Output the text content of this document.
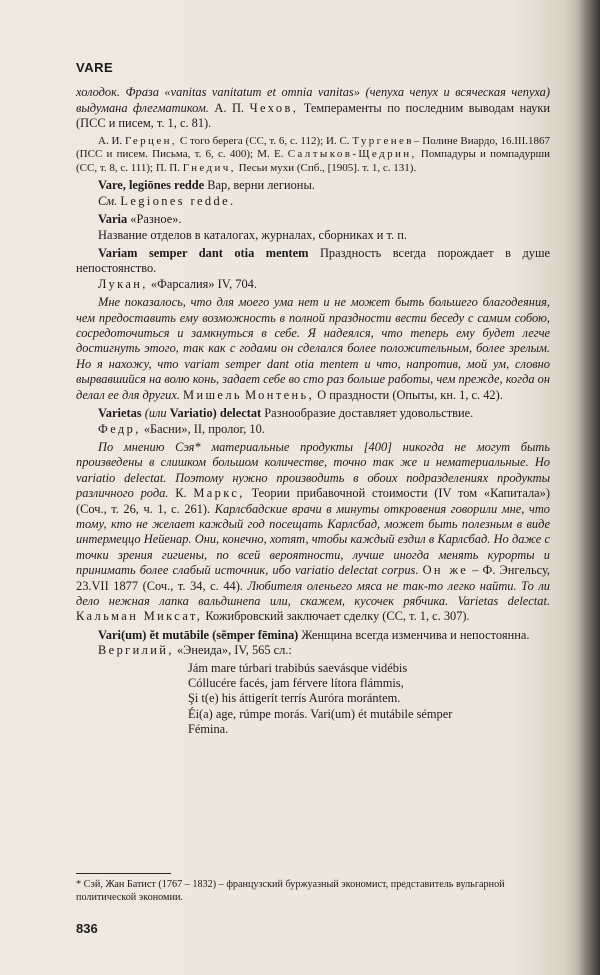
VARE

холодок. Фраза «vanitas vanitatum et omnia vanitas» (чепуха чепух и всяческая чепуха) выдумана флегматиком. А. П. Чехов, Темпераменты по последним выводам науки (ПСС и писем, т. 1, с. 81).

А. И. Герцен, С того берега (СС, т. 6, с. 112); И. С. Тургенев– Полине Виардо, 16.III.1867 (ПСС и писем. Письма, т. 6, с. 400); М. Е. Салтыков-Щедрин, Помпадуры и помпадурши (СС, т. 8, с. 111); П. П. Гнедич, Песьи мухи (Спб., [1905]. т. 1, с. 131).

Vare, legiōnes redde Вар, верни легионы.

См. Legiones redde.

Varia «Разное».

Название отделов в каталогах, журналах, сборниках и т. п.

Variam semper dant otia mentem Праздность всегда порождает в душе непостоянство.

Лукан, «Фарсалия» IV, 704.

Мне показалось, что для моего ума нет и не может быть большего благодеяния, чем предоставить ему возможность в полной праздности вести беседу с самим собою, сосредоточиться и замкнуться в себе. Я надеялся, что теперь ему будет легче достигнуть этого, так как с годами он сделался более положительным, более зрелым. Но я нахожу, что variam semper dant otia mentem и что, напротив, мой ум, словно вырвавшийся на волю конь, задает себе во сто раз больше работы, чем прежде, когда он делал ее для других. Мишель Монтень, О праздности (Опыты, кн. 1, с. 42).

Varietas (или Variatio) delectat Разнообразие доставляет удовольствие.

Федр, «Басни», II, пролог, 10.

По мнению Сэя* материальные продукты [400] никогда не могут быть произведены в слишком большом количестве, точно так же и нематериальные. Но variatio delectat. Поэтому нужно производить в обоих подразделениях продукты различного рода. К. Маркс, Теории прибавочной стоимости (IV том «Капитала») (Соч., т. 26, ч. 1, с. 261). Карлсбадские врачи в минуты откровения говорили мне, что тому, кто не желает каждый год посещать Карлсбад, может быть полезным в виде интермеццо Нейенар. Они, конечно, хотят, чтобы каждый ездил в Карлсбад. Но даже с точки зрения гигиены, по всей вероятности, лучше иногда менять курорты и принимать более слабый источник, ибо variatio delectat corpus. Он же – Ф. Энгельсу, 23.VII 1877 (Соч., т. 34, с. 44). Любителя оленьего мяса не так-то легко найти. То ли дело нежная лапка вальдшнепа или, скажем, кусочек рябчика. Varietas delectat. Кальман Миксат, Кожибровский заключает сделку (СС, т. 1, с. 307).

Vari(um) ĕt mutābile (sĕmper fēmina) Женщина всегда изменчива и непостоянна.

Вергилий, «Энеида», IV, 565 сл.:

Jám mare túrbari trabibús saevásque vidébis
Cóllucére facés, jam férvere lítora flámmis,
Şi t(e) his áttigerít terrís Auróra morántem.
Éi(a) age, rúmpe morás. Vari(um) ét mutábile sémper
Fémina.
* Сэй, Жан Батист (1767 – 1832) – французский буржуазный экономист, представитель вульгарной политической экономии.
836
